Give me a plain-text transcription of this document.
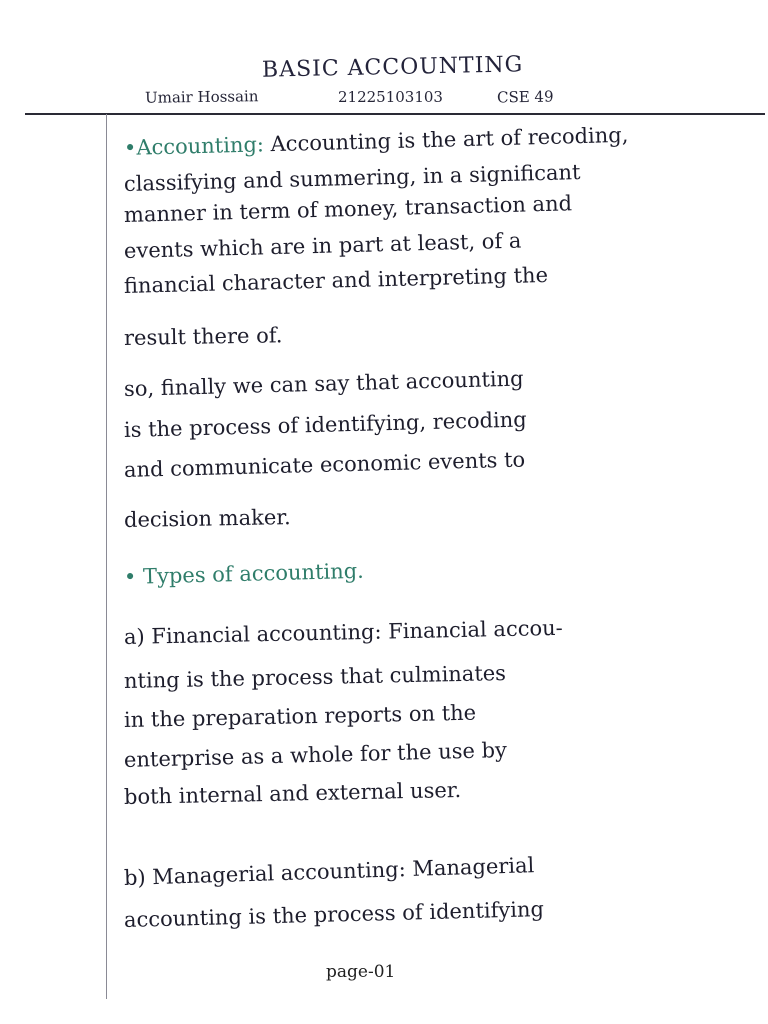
BASIC ACCOUNTING
Umair Hossain	21225103103	CSE 49
•Accounting: Accounting is the art of recoding,
classifying and summering, in a significant
manner in term of money, transaction and
events which are in part at least, of a
financial character and interpreting the
result there of.
so, finally we can say that accounting
is the process of identifying, recoding
and communicate economic events to
decision maker.
• Types of accounting.
a) Financial accounting: Financial accou-
nting is the process that culminates
in the preparation reports on the
enterprise as a whole for the use by
both internal and external user.
b) Managerial accounting: Managerial
accounting is the process of identifying
page-01
